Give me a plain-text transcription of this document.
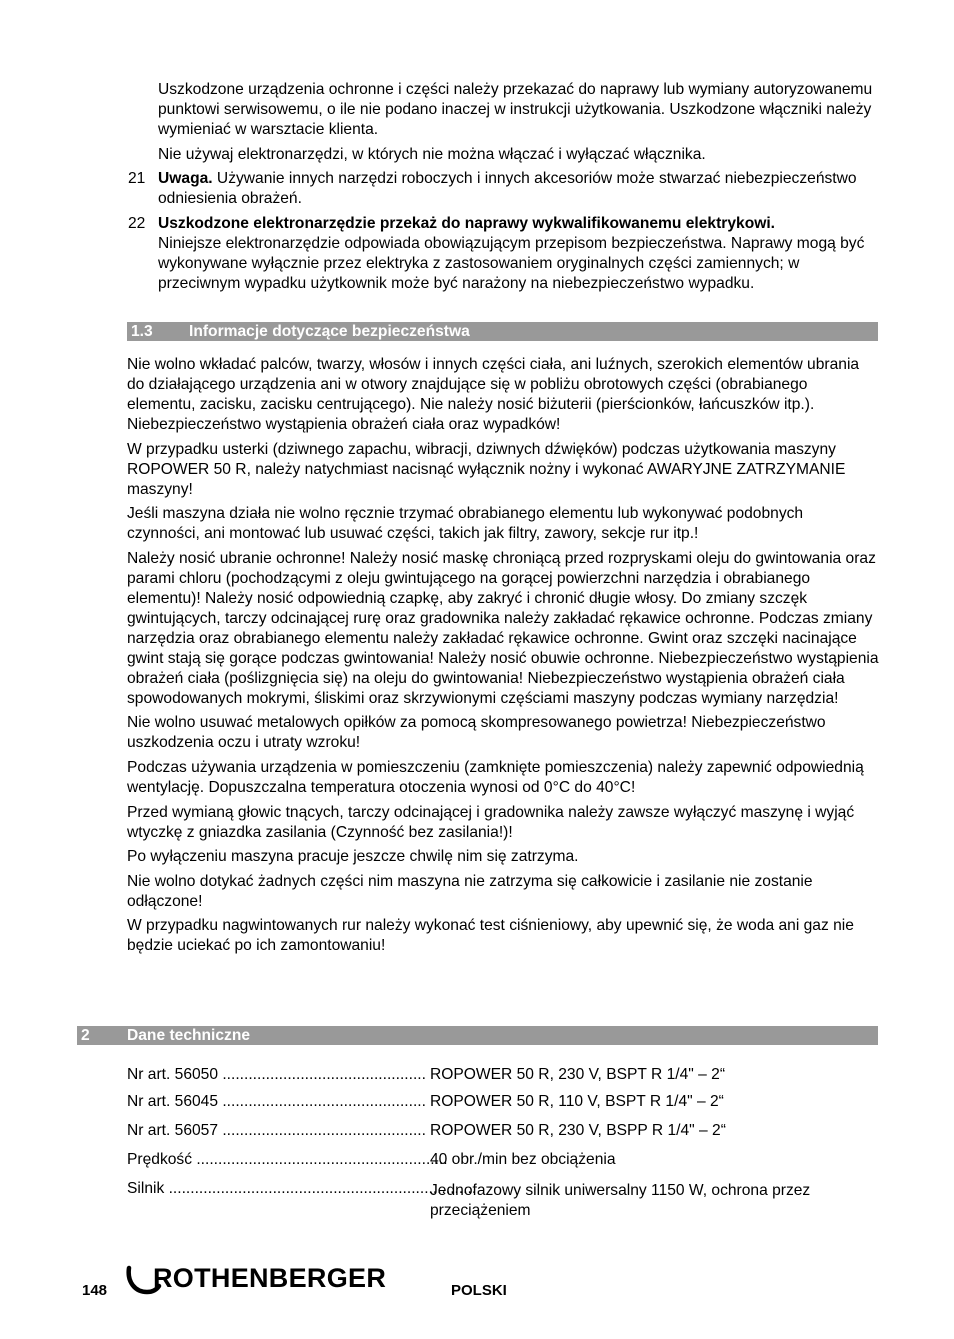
Uszkodzone urządzenia ochronne i części należy przekazać do naprawy lub wymiany autoryzowanemu punktowi serwisowemu, o ile nie podano inaczej w instrukcji użytkowania. Uszkodzone włączniki należy wymieniać w warsztacie klienta.

Nie używaj elektronarzędzi, w których nie można włączać i wyłączać włącznika.

21 Uwaga. Używanie innych narzędzi roboczych i innych akcesoriów może stwarzać niebezpieczeństwo odniesienia obrażeń.

22 Uszkodzone elektronarzędzie przekaż do naprawy wykwalifikowanemu elektrykowi.

Niniejsze elektronarzędzie odpowiada obowiązującym przepisom bezpieczeństwa. Naprawy mogą być wykonywane wyłącznie przez elektryka z zastosowaniem oryginalnych części zamiennych; w przeciwnym wypadku użytkownik może być narażony na niebezpieczeństwo wypadku.

1.3 Informacje dotyczące bezpieczeństwa

Nie wolno wkładać palców, twarzy, włosów i innych części ciała, ani luźnych, szerokich elementów ubrania do działającego urządzenia ani w otwory znajdujące się w pobliżu obrotowych części (obrabianego elementu, zacisku, zacisku centrującego). Nie należy nosić biżuterii (pierścionków, łańcuszków itp.). Niebezpieczeństwo wystąpienia obrażeń ciała oraz wypadków!

W przypadku usterki (dziwnego zapachu, wibracji, dziwnych dźwięków) podczas użytkowania maszyny ROPOWER 50 R, należy natychmiast nacisnąć wyłącznik nożny i wykonać AWARYJNE ZATRZYMANIE maszyny!

Jeśli maszyna działa nie wolno ręcznie trzymać obrabianego elementu lub wykonywać podobnych czynności, ani montować lub usuwać części, takich jak filtry, zawory, sekcje rur itp.!

Należy nosić ubranie ochronne! Należy nosić maskę chroniącą przed rozpryskami oleju do gwintowania oraz parami chloru (pochodzącymi z oleju gwintującego na gorącej powierzchni narzędzia i obrabianego elementu)! Należy nosić odpowiednią czapkę, aby zakryć i chronić długie włosy. Do zmiany szczęk gwintujących, tarczy odcinającej rurę oraz gradownika należy zakładać rękawice ochronne. Podczas zmiany narzędzia oraz obrabianego elementu należy zakładać rękawice ochronne. Gwint oraz szczęki nacinające gwint stają się gorące podczas gwintowania! Należy nosić obuwie ochronne. Niebezpieczeństwo wystąpienia obrażeń ciała (poślizgnięcia się) na oleju do gwintowania! Niebezpieczeństwo wystąpienia obrażeń ciała spowodowanych mokrymi, śliskimi oraz skrzywionymi częściami maszyny podczas wymiany narzędzia!

Nie wolno usuwać metalowych opiłków za pomocą skompresowanego powietrza! Niebezpieczeństwo uszkodzenia oczu i utraty wzroku!

Podczas używania urządzenia w pomieszczeniu (zamknięte pomieszczenia) należy zapewnić odpowiednią wentylację. Dopuszczalna temperatura otoczenia wynosi od 0°C do 40°C!

Przed wymianą głowic tnących, tarczy odcinającej i gradownika należy zawsze wyłączyć maszynę i wyjąć wtyczkę z gniazdka zasilania (Czynność bez zasilania!)!

Po wyłączeniu maszyna pracuje jeszcze chwilę nim się zatrzyma.

Nie wolno dotykać żadnych części nim maszyna nie zatrzyma się całkowicie i zasilanie nie zostanie odłączone!

W przypadku nagwintowanych rur należy wykonać test ciśnieniowy, aby upewnić się, że woda ani gaz nie będzie uciekać po ich zamontowaniu!

2 Dane techniczne
Nr art. 56050 ............................................... ROPOWER 50 R, 230 V, BSPT R 1/4" – 2“
Nr art. 56045 ............................................... ROPOWER 50 R, 110 V, BSPT R 1/4" – 2“
Nr art. 56057 ............................................... ROPOWER 50 R, 230 V, BSPP R 1/4" – 2“
Prędkość ..........................................................
40 obr./min bez obciążenia
Silnik .......................................................................
Jednofazowy silnik uniwersalny 1150 W, ochrona przez przeciążeniem
148 ROTHENBERGER	POLSKI
